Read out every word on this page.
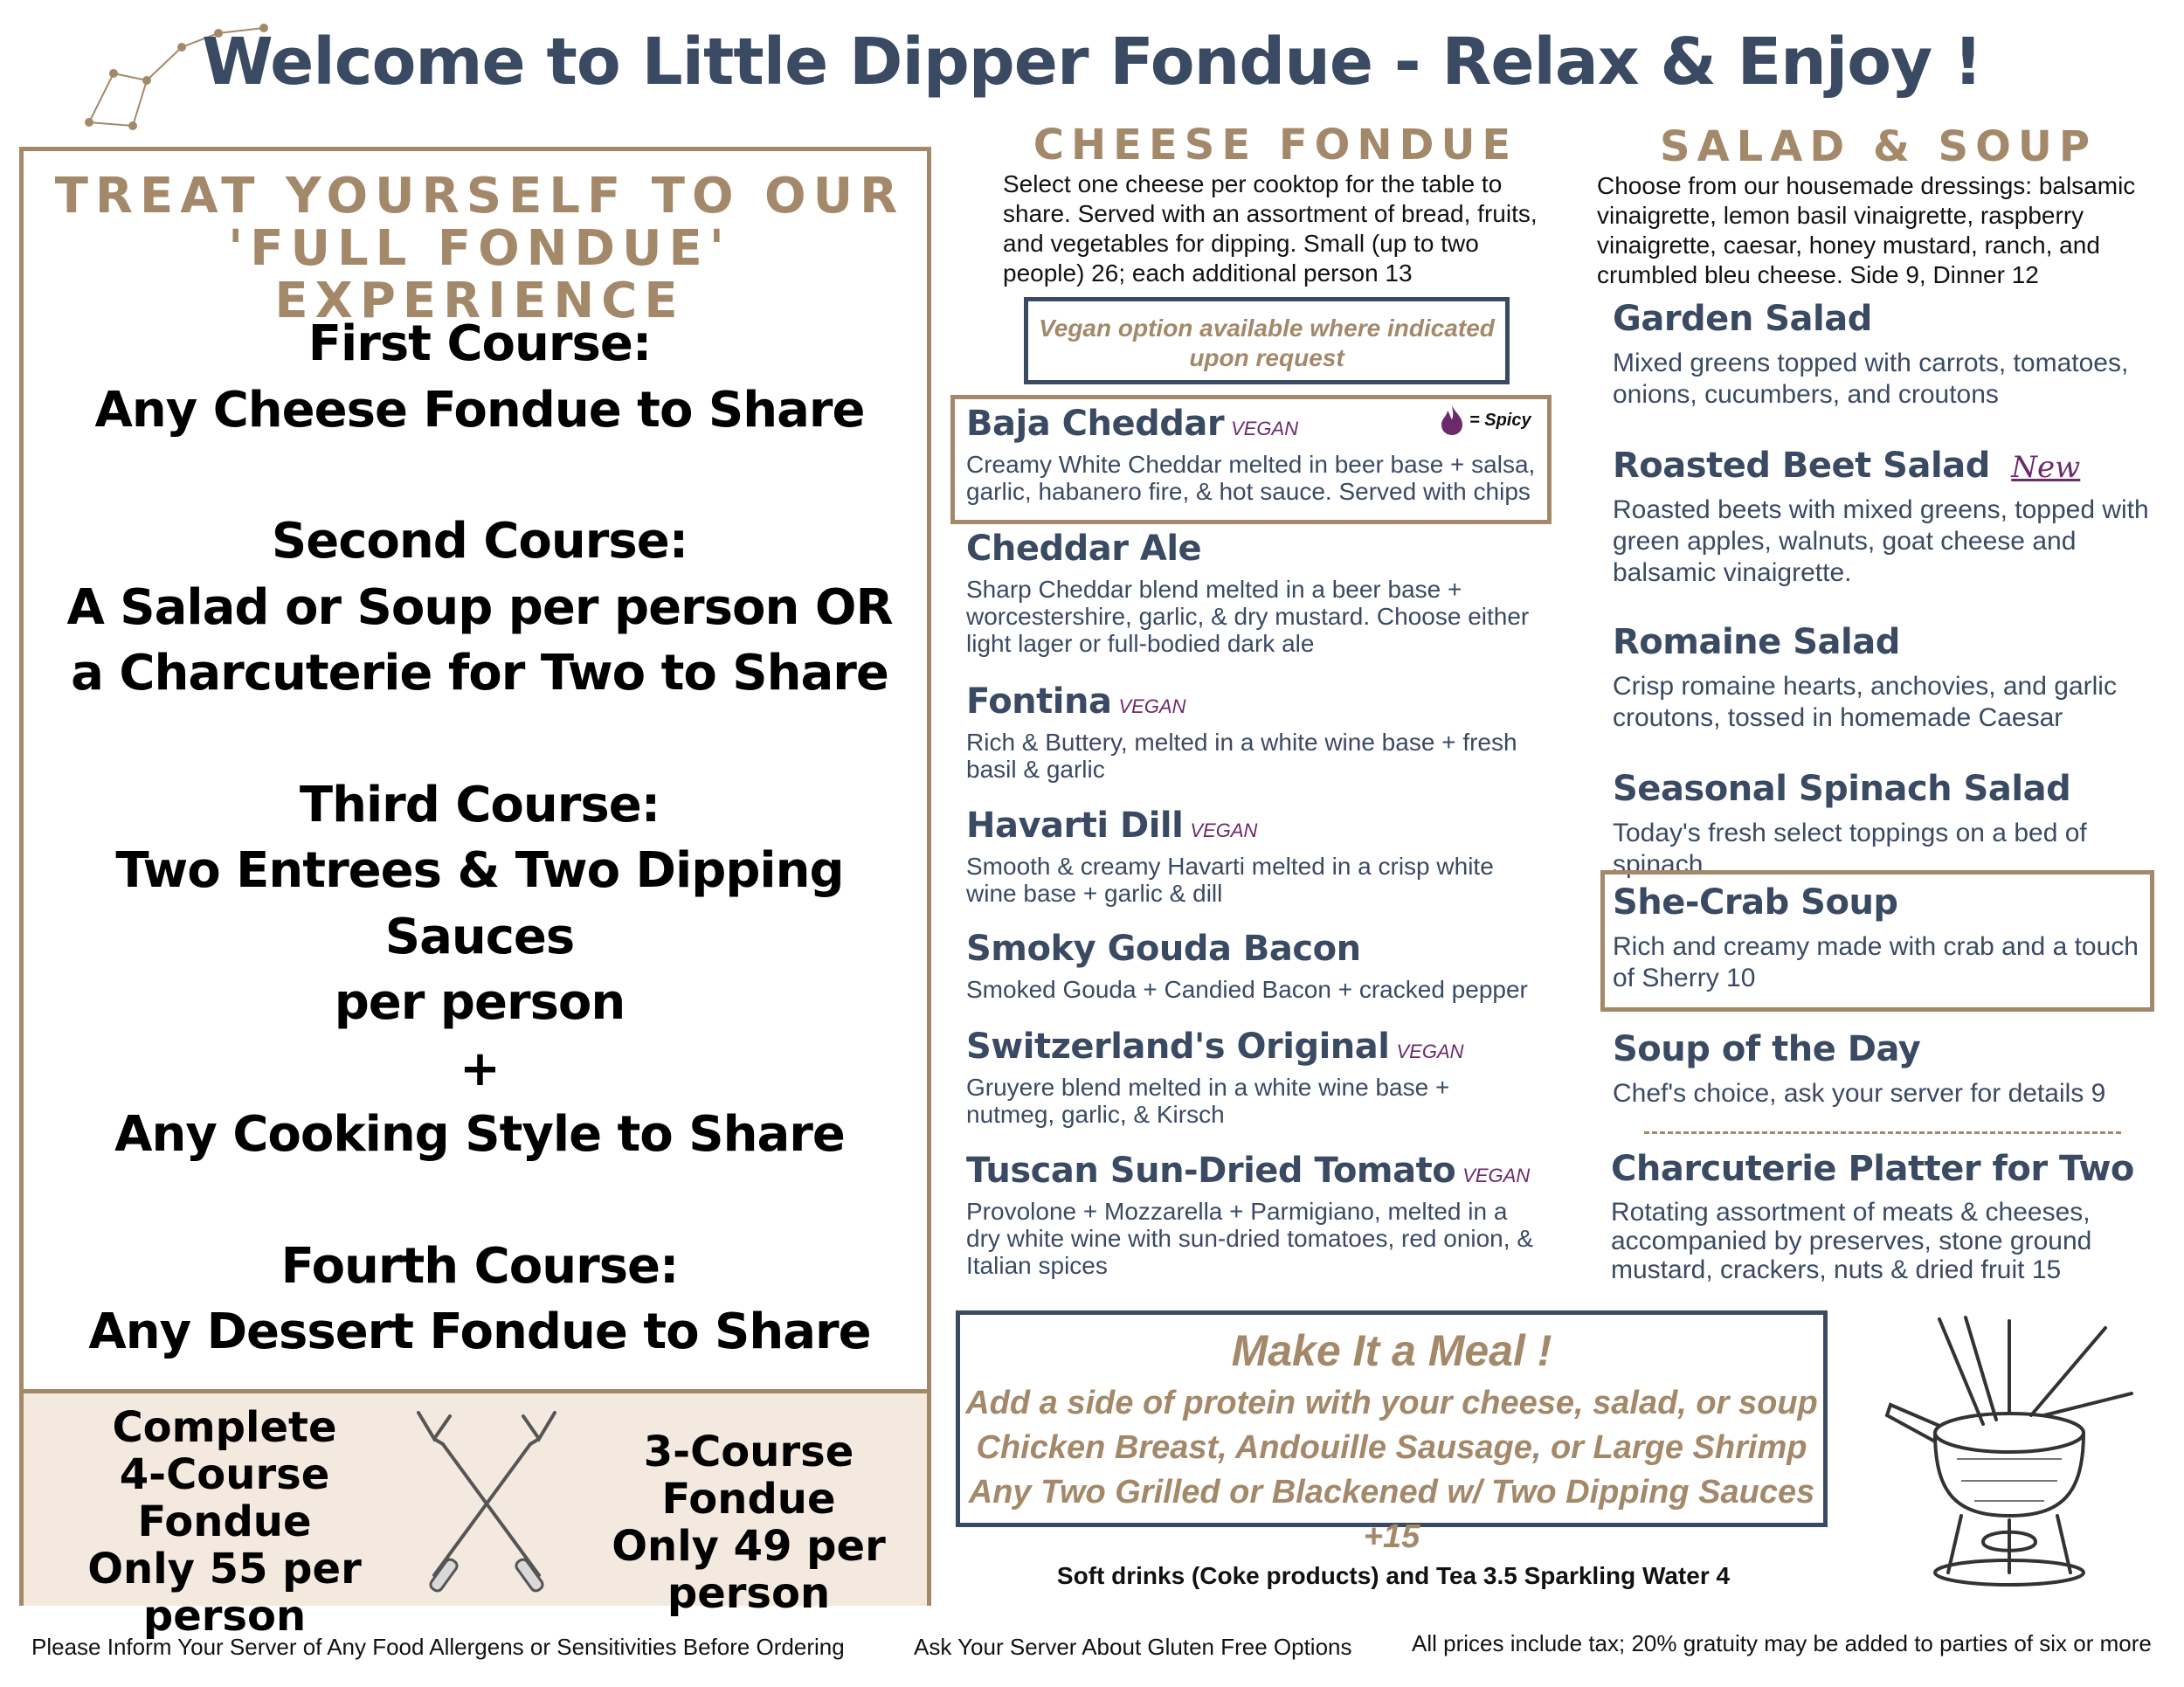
Welcome to Little Dipper Fondue - Relax & Enjoy !
TREAT YOURSELF TO OUR
'FULL FONDUE' EXPERIENCE
First Course:
Any Cheese Fondue to Share
Second Course:
A Salad or Soup per person OR
a Charcuterie for Two to Share
Third Course:
Two Entrees & Two Dipping Sauces
per person
+
Any Cooking Style to Share
Fourth Course:
Any Dessert Fondue to Share
Complete
4-Course Fondue
Only 55 per
person
3-Course Fondue
Only 49 per
person
CHEESE FONDUE
Select one cheese per cooktop for the table to share. Served with an assortment of bread, fruits, and vegetables for dipping. Small (up to two people) 26; each additional person 13
Vegan option available where indicated upon request
= Spicy
Baja Cheddar VEGAN
Creamy White Cheddar melted in beer base + salsa, garlic, habanero fire, & hot sauce. Served with chips
Cheddar Ale
Sharp Cheddar blend melted in a beer base + worcestershire, garlic, & dry mustard. Choose either light lager or full-bodied dark ale
Fontina VEGAN
Rich & Buttery, melted in a white wine base + fresh basil & garlic
Havarti Dill VEGAN
Smooth & creamy Havarti melted in a crisp white wine base + garlic & dill
Smoky Gouda Bacon
Smoked Gouda + Candied Bacon + cracked pepper
Switzerland's Original VEGAN
Gruyere blend melted in a white wine base + nutmeg, garlic, & Kirsch
Tuscan Sun-Dried Tomato VEGAN
Provolone + Mozzarella + Parmigiano, melted in a dry white wine with sun-dried tomatoes, red onion, & Italian spices
SALAD & SOUP
Choose from our housemade dressings: balsamic vinaigrette, lemon basil vinaigrette, raspberry vinaigrette, caesar, honey mustard, ranch, and crumbled bleu cheese. Side 9, Dinner 12
Garden Salad
Mixed greens topped with carrots, tomatoes, onions, cucumbers, and croutons
Roasted Beet Salad New
Roasted beets with mixed greens, topped with green apples, walnuts, goat cheese and balsamic vinaigrette.
Romaine Salad
Crisp romaine hearts, anchovies, and garlic croutons, tossed in homemade Caesar
Seasonal Spinach Salad
Today's fresh select toppings on a bed of spinach
She-Crab Soup
Rich and creamy made with crab and a touch of Sherry 10
Soup of the Day
Chef's choice, ask your server for details 9
Charcuterie Platter for Two
Rotating assortment of meats & cheeses, accompanied by preserves, stone ground mustard, crackers, nuts & dried fruit 15
Make It a Meal !
Add a side of protein with your cheese, salad, or soup
Chicken Breast, Andouille Sausage, or Large Shrimp
Any Two Grilled or Blackened w/ Two Dipping Sauces +15
Soft drinks (Coke products) and Tea 3.5 Sparkling Water 4
Please Inform Your Server of Any Food Allergens or Sensitivities Before Ordering	Ask Your Server About Gluten Free Options	All prices include tax; 20% gratuity may be added to parties of six or more
